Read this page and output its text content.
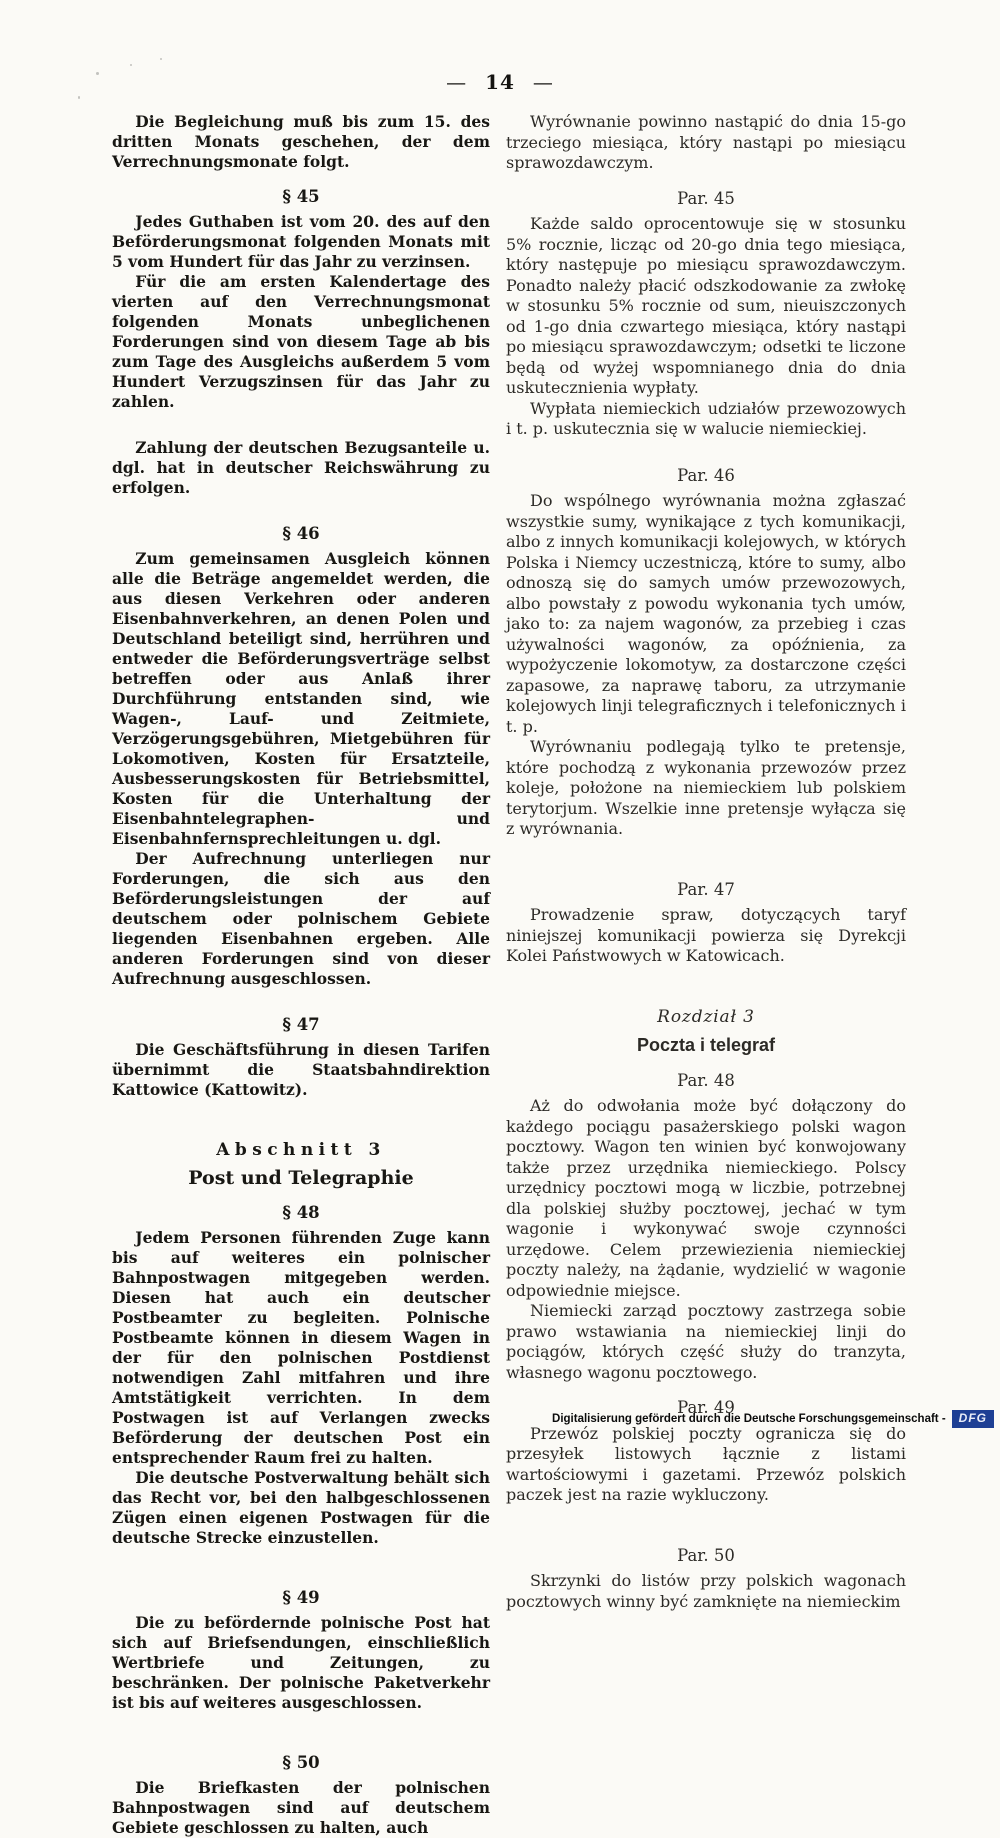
— 14 —

Die Begleichung muß bis zum 15. des dritten Monats geschehen, der dem Verrechnungsmonate folgt.

§ 45

Jedes Guthaben ist vom 20. des auf den Beförderungsmonat folgenden Monats mit 5 vom Hundert für das Jahr zu verzinsen.

Für die am ersten Kalendertage des vierten auf den Verrechnungsmonat folgenden Monats unbeglichenen Forderungen sind von diesem Tage ab bis zum Tage des Ausgleichs außerdem 5 vom Hundert Verzugszinsen für das Jahr zu zahlen.

Zahlung der deutschen Bezugsanteile u. dgl. hat in deutscher Reichswährung zu erfolgen.

§ 46

Zum gemeinsamen Ausgleich können alle die Beträge angemeldet werden, die aus diesen Verkehren oder anderen Eisenbahnverkehren, an denen Polen und Deutschland beteiligt sind, herrühren und entweder die Beförderungsverträge selbst betreffen oder aus Anlaß ihrer Durchführung entstanden sind, wie Wagen-, Lauf- und Zeitmiete, Verzögerungsgebühren, Mietgebühren für Lokomotiven, Kosten für Ersatzteile, Ausbesserungskosten für Betriebsmittel, Kosten für die Unterhaltung der Eisenbahntelegraphen- und Eisenbahnfernsprechleitungen u. dgl.

Der Aufrechnung unterliegen nur Forderungen, die sich aus den Beförderungsleistungen der auf deutschem oder polnischem Gebiete liegenden Eisenbahnen ergeben. Alle anderen Forderungen sind von dieser Aufrechnung ausgeschlossen.

§ 47

Die Geschäftsführung in diesen Tarifen übernimmt die Staatsbahndirektion Kattowice (Kattowitz).

Abschnitt 3
Post und Telegraphie
§ 48

Jedem Personen führenden Zuge kann bis auf weiteres ein polnischer Bahnpostwagen mitgegeben werden. Diesen hat auch ein deutscher Postbeamter zu begleiten. Polnische Postbeamte können in diesem Wagen in der für den polnischen Postdienst notwendigen Zahl mitfahren und ihre Amtstätigkeit verrichten. In dem Postwagen ist auf Verlangen zwecks Beförderung der deutschen Post ein entsprechender Raum frei zu halten.

Die deutsche Postverwaltung behält sich das Recht vor, bei den halbgeschlossenen Zügen einen eigenen Postwagen für die deutsche Strecke einzustellen.

§ 49

Die zu befördernde polnische Post hat sich auf Briefsendungen, einschließlich Wertbriefe und Zeitungen, zu beschränken. Der polnische Paketverkehr ist bis auf weiteres ausgeschlossen.

§ 50

Die Briefkasten der polnischen Bahnpostwagen sind auf deutschem Gebiete geschlossen zu halten, auch

Wyrównanie powinno nastąpić do dnia 15-go trzeciego miesiąca, który nastąpi po miesiącu sprawozdawczym.

Par. 45

Każde saldo oprocentowuje się w stosunku 5% rocznie, licząc od 20-go dnia tego miesiąca, który następuje po miesiącu sprawozdawczym. Ponadto należy płacić odszkodowanie za zwłokę w stosunku 5% rocznie od sum, nieuiszczonych od 1-go dnia czwartego miesiąca, który nastąpi po miesiącu sprawozdawczym; odsetki te liczone będą od wyżej wspomnianego dnia do dnia uskutecznienia wypłaty.

Wypłata niemieckich udziałów przewozowych i t. p. uskutecznia się w walucie niemieckiej.

Par. 46

Do wspólnego wyrównania można zgłaszać wszystkie sumy, wynikające z tych komunikacji, albo z innych komunikacji kolejowych, w których Polska i Niemcy uczestniczą, które to sumy, albo odnoszą się do samych umów przewozowych, albo powstały z powodu wykonania tych umów, jako to: za najem wagonów, za przebieg i czas używalności wagonów, za opóźnienia, za wypożyczenie lokomotyw, za dostarczone części zapasowe, za naprawę taboru, za utrzymanie kolejowych linji telegraficznych i telefonicznych i t. p.

Wyrównaniu podlegają tylko te pretensje, które pochodzą z wykonania przewozów przez koleje, położone na niemieckiem lub polskiem terytorjum. Wszelkie inne pretensje wyłącza się z wyrównania.

Par. 47

Prowadzenie spraw, dotyczących taryf niniejszej komunikacji powierza się Dyrekcji Kolei Państwowych w Katowicach.

Rozdział 3
Poczta i telegraf
Par. 48

Aż do odwołania może być dołączony do każdego pociągu pasażerskiego polski wagon pocztowy. Wagon ten winien być konwojowany także przez urzędnika niemieckiego. Polscy urzędnicy pocztowi mogą w liczbie, potrzebnej dla polskiej służby pocztowej, jechać w tym wagonie i wykonywać swoje czynności urzędowe. Celem przewiezienia niemieckiej poczty należy, na żądanie, wydzielić w wagonie odpowiednie miejsce.

Niemiecki zarząd pocztowy zastrzega sobie prawo wstawiania na niemieckiej linji do pociągów, których część służy do tranzyta, własnego wagonu pocztowego.

Par. 49

Przewóz polskiej poczty ogranicza się do przesyłek listowych łącznie z listami wartościowymi i gazetami. Przewóz polskich paczek jest na razie wykluczony.

Par. 50

Skrzynki do listów przy polskich wagonach pocztowych winny być zamknięte na niemieckim

Digitalisierung gefördert durch die Deutsche Forschungsgemeinschaft -	DFG
